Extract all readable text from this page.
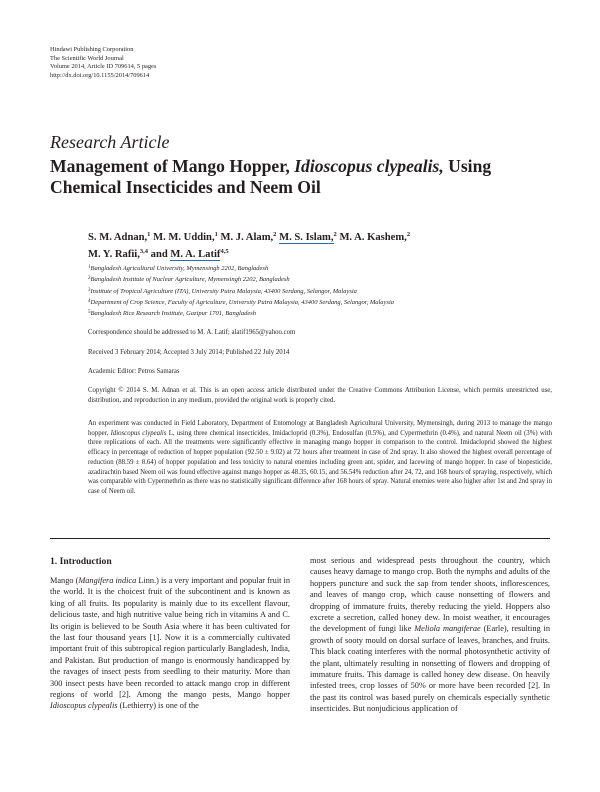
Hindawi Publishing Corporation
The Scientific World Journal
Volume 2014, Article ID 709614, 5 pages
http://dx.doi.org/10.1155/2014/709614
Research Article
Management of Mango Hopper, Idioscopus clypealis, Using Chemical Insecticides and Neem Oil
S. M. Adnan,$^1$ M. M. Uddin,$^1$ M. J. Alam,$^2$ M. S. Islam,$^2$ M. A. Kashem,$^2$
M. Y. Rafii,$^{3,4}$ and M. A. Latif$^{4,5}$
$^1$Bangladesh Agricultural University, Mymensingh 2202, Bangladesh
$^2$Bangladesh Institute of Nuclear Agriculture, Mymensingh 2202, Bangladesh
$^3$Institute of Tropical Agriculture (ITA), University Putra Malaysia, 43400 Serdang, Selangor, Malaysia
$^4$Department of Crop Science, Faculty of Agriculture, University Putra Malaysia, 43400 Serdang, Selangor, Malaysia
$^5$Bangladesh Rice Research Institute, Gazipur 1701, Bangladesh
Correspondence should be addressed to M. A. Latif; alatif1965@yahoo.com
Received 3 February 2014; Accepted 3 July 2014; Published 22 July 2014
Academic Editor: Petros Samaras
Copyright © 2014 S. M. Adnan et al. This is an open access article distributed under the Creative Commons Attribution License, which permits unrestricted use, distribution, and reproduction in any medium, provided the original work is properly cited.
An experiment was conducted in Field Laboratory, Department of Entomology at Bangladesh Agricultural University, Mymensingh, during 2013 to manage the mango hopper, Idioscopus clypealis L, using three chemical insecticides, Imidacloprid (0.3%), Endosulfan (0.5%), and Cypermethrin (0.4%), and natural Neem oil (3%) with three replications of each. All the treatments were significantly effective in managing mango hopper in comparison to the control. Imidacloprid showed the highest efficacy in percentage of reduction of hopper population (92.50 ± 9.02) at 72 hours after treatment in case of 2nd spray. It also showed the highest overall percentage of reduction (88.59 ± 8.64) of hopper population and less toxicity to natural enemies including green ant, spider, and lacewing of mango hopper. In case of biopesticide, azadirachtin based Neem oil was found effective against mango hopper as 48.35, 60.15, and 56.54% reduction after 24, 72, and 168 hours of spraying, respectively, which was comparable with Cypermethrin as there was no statistically significant difference after 168 hours of spray. Natural enemies were also higher after 1st and 2nd spray in case of Neem oil.
1. Introduction

Mango (Mangifera indica Linn.) is a very important and popular fruit in the world. It is the choicest fruit of the subcontinent and is known as king of all fruits. Its popularity is mainly due to its excellent flavour, delicious taste, and high nutritive value being rich in vitamins A and C. Its origin is believed to be South Asia where it has been cultivated for the last four thousand years [1]. Now it is a commercially cultivated important fruit of this subtropical region particularly Bangladesh, India, and Pakistan. But production of mango is enormously handicapped by the ravages of insect pests from seedling to their maturity. More than 300 insect pests have been recorded to attack mango crop in different regions of world [2]. Among the mango pests, Mango hopper Idioscopus clypealis (Lethierry) is one of the

most serious and widespread pests throughout the country, which causes heavy damage to mango crop. Both the nymphs and adults of the hoppers puncture and suck the sap from tender shoots, inflorescences, and leaves of mango crop, which cause nonsetting of flowers and dropping of immature fruits, thereby reducing the yield. Hoppers also excrete a secretion, called honey dew. In moist weather, it encourages the development of fungi like Meliola mangiferae (Earle), resulting in growth of sooty mould on dorsal surface of leaves, branches, and fruits. This black coating interferes with the normal photosynthetic activity of the plant, ultimately resulting in nonsetting of flowers and dropping of immature fruits. This damage is called honey dew disease. On heavily infested trees, crop losses of 50% or more have been recorded [2]. In the past its control was based purely on chemicals especially synthetic insecticides. But nonjudicious application of
